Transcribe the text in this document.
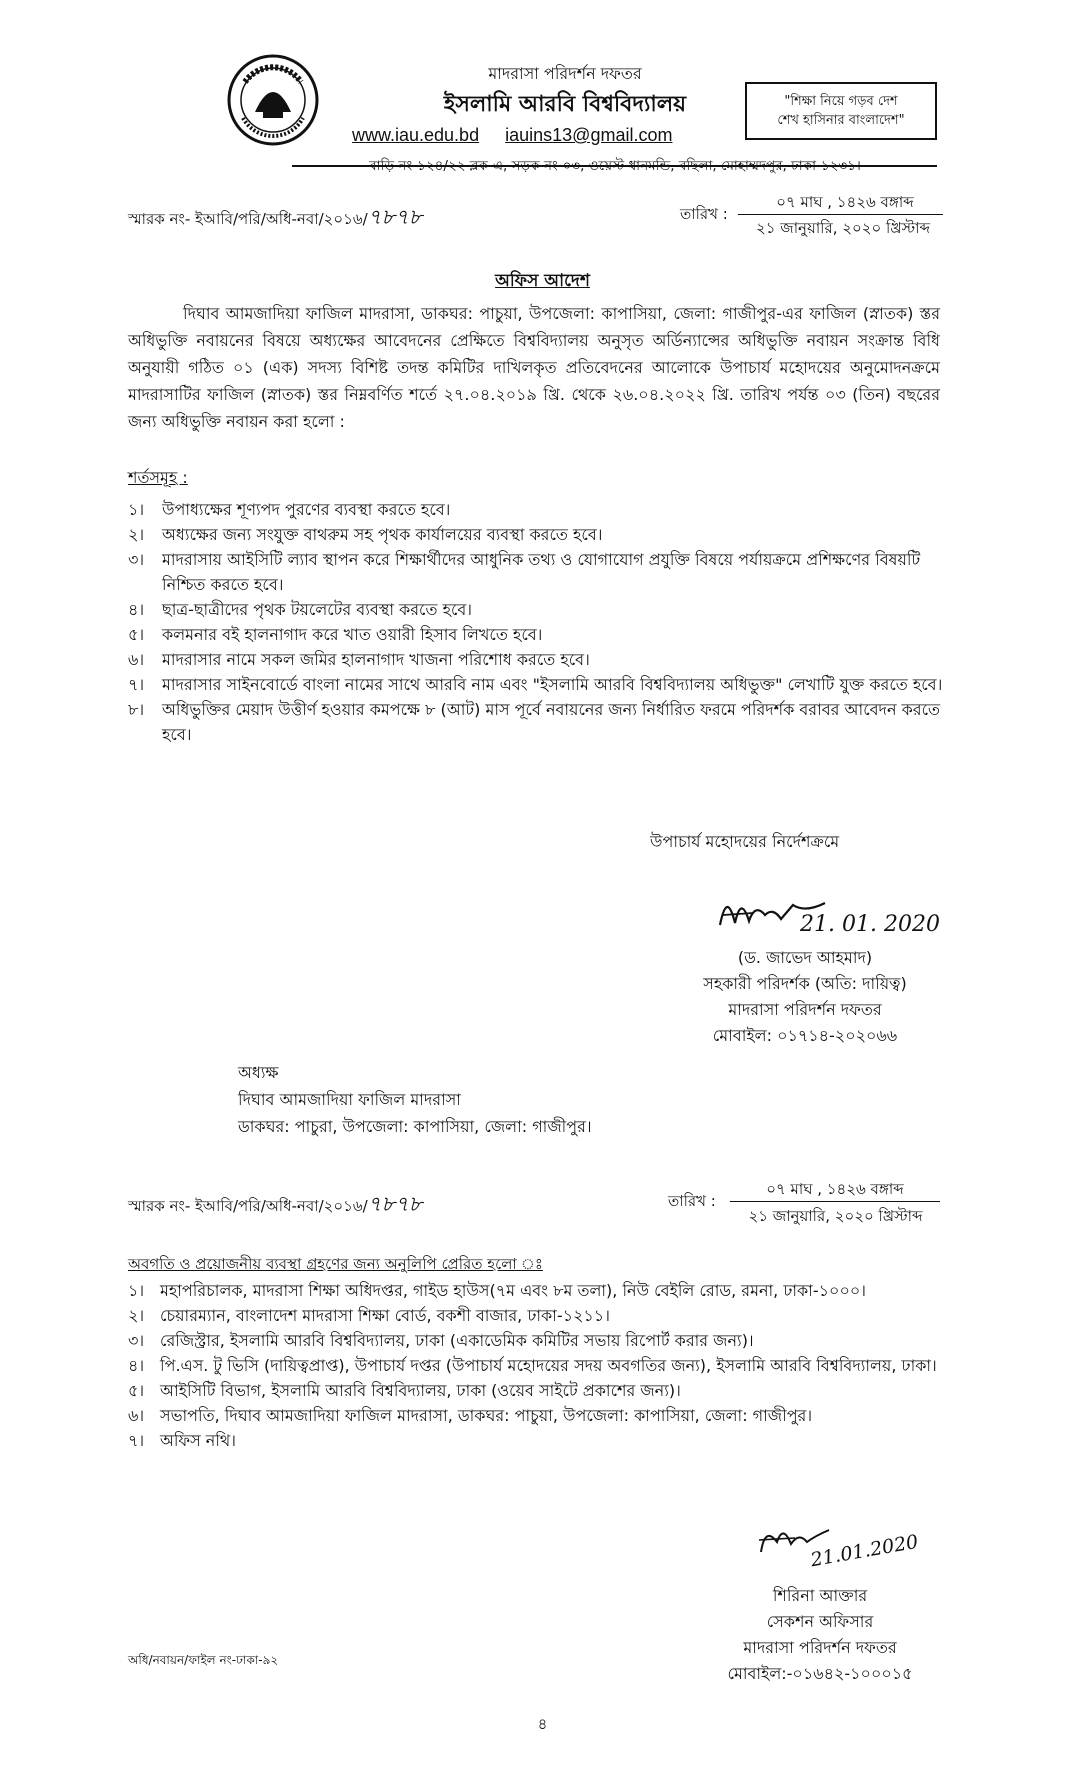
মাদরাসা পরিদর্শন দফতর
ইসলামি আরবি বিশ্ববিদ্যালয়
www.iau.edu.bd iauins13@gmail.com
বাড়ি নং-১২৪/২২ ব্লক-এ, সড়ক নং-০৩, ওয়েস্ট ধানমন্ডি, বছিলা, মোহাম্মদপুর, ঢাকা-১২৩১।
"শিক্ষা নিয়ে গড়ব দেশ
শেখ হাসিনার বাংলাদেশ"
স্মারক নং- ইআবি/পরি/অধি-নবা/২০১৬/৭৮৭৮	তারিখ :
০৭ মাঘ , ১৪২৬ বঙ্গাব্দ
২১ জানুয়ারি, ২০২০ খ্রিস্টাব্দ
অফিস আদেশ
দিঘাব আমজাদিয়া ফাজিল মাদরাসা, ডাকঘর: পাচুয়া, উপজেলা: কাপাসিয়া, জেলা: গাজীপুর-এর ফাজিল (স্নাতক) স্তর অধিভুক্তি নবায়নের বিষয়ে অধ্যক্ষের আবেদনের প্রেক্ষিতে বিশ্ববিদ্যালয় অনুসৃত অর্ডিন্যান্সের অধিভুক্তি নবায়ন সংক্রান্ত বিধি অনুযায়ী গঠিত ০১ (এক) সদস্য বিশিষ্ট তদন্ত কমিটির দাখিলকৃত প্রতিবেদনের আলোকে উপাচার্য মহোদয়ের অনুমোদনক্রমে মাদরাসাটির ফাজিল (স্নাতক) স্তর নিম্নবর্ণিত শর্তে ২৭.০৪.২০১৯ খ্রি. থেকে ২৬.০৪.২০২২ খ্রি. তারিখ পর্যন্ত ০৩ (তিন) বছরের জন্য অধিভুক্তি নবায়ন করা হলো :
শর্তসমূহ :
১।	উপাধ্যক্ষের শূণ্যপদ পুরণের ব্যবস্থা করতে হবে।
২।	অধ্যক্ষের জন্য সংযুক্ত বাথরুম সহ পৃথক কার্যালয়ের ব্যবস্থা করতে হবে।
৩।	মাদরাসায় আইসিটি ল্যাব স্থাপন করে শিক্ষার্থীদের আধুনিক তথ্য ও যোগাযোগ প্রযুক্তি বিষয়ে পর্যায়ক্রমে প্রশিক্ষণের বিষয়টি নিশ্চিত করতে হবে।
৪।	ছাত্র-ছাত্রীদের পৃথক টয়লেটের ব্যবস্থা করতে হবে।
৫।	কলমনার বই হালনাগাদ করে খাত ওয়ারী হিসাব লিখতে হবে।
৬।	মাদরাসার নামে সকল জমির হালনাগাদ খাজনা পরিশোধ করতে হবে।
৭।	মাদরাসার সাইনবোর্ডে বাংলা নামের সাথে আরবি নাম এবং "ইসলামি আরবি বিশ্ববিদ্যালয় অধিভুক্ত" লেখাটি যুক্ত করতে হবে।
৮।	অধিভুক্তির মেয়াদ উত্তীর্ণ হওয়ার কমপক্ষে ৮ (আট) মাস পূর্বে নবায়নের জন্য নির্ধারিত ফরমে পরিদর্শক বরাবর আবেদন করতে হবে।
উপাচার্য মহোদয়ের নির্দেশক্রমে
21. 01. 2020
(ড. জাভেদ আহমাদ)
সহকারী পরিদর্শক (অতি: দায়িত্ব)
মাদরাসা পরিদর্শন দফতর
মোবাইল: ০১৭১৪-২০২০৬৬
অধ্যক্ষ
দিঘাব আমজাদিয়া ফাজিল মাদরাসা
ডাকঘর: পাচুরা, উপজেলা: কাপাসিয়া, জেলা: গাজীপুর।
স্মারক নং- ইআবি/পরি/অধি-নবা/২০১৬/৭৮৭৮	তারিখ :
০৭ মাঘ , ১৪২৬ বঙ্গাব্দ
২১ জানুয়ারি, ২০২০ খ্রিস্টাব্দ
অবগতি ও প্রয়োজনীয় ব্যবস্থা গ্রহণের জন্য অনুলিপি প্রেরিত হলো ঃ
১। মহাপরিচালক, মাদরাসা শিক্ষা অধিদপ্তর, গাইড হাউস(৭ম এবং ৮ম তলা), নিউ বেইলি রোড, রমনা, ঢাকা-১০০০।
২। চেয়ারম্যান, বাংলাদেশ মাদরাসা শিক্ষা বোর্ড, বকশী বাজার, ঢাকা-১২১১।
৩। রেজিস্ট্রার, ইসলামি আরবি বিশ্ববিদ্যালয়, ঢাকা (একাডেমিক কমিটির সভায় রিপোর্ট করার জন্য)।
৪। পি.এস. টু ভিসি (দায়িত্বপ্রাপ্ত), উপাচার্য দপ্তর (উপাচার্য মহোদয়ের সদয় অবগতির জন্য), ইসলামি আরবি বিশ্ববিদ্যালয়, ঢাকা।
৫। আইসিটি বিভাগ, ইসলামি আরবি বিশ্ববিদ্যালয়, ঢাকা (ওয়েব সাইটে প্রকাশের জন্য)।
৬। সভাপতি, দিঘাব আমজাদিয়া ফাজিল মাদরাসা, ডাকঘর: পাচুয়া, উপজেলা: কাপাসিয়া, জেলা: গাজীপুর।
৭। অফিস নথি।
21.01.2020
শিরিনা আক্তার
সেকশন অফিসার
মাদরাসা পরিদর্শন দফতর
মোবাইল:-০১৬৪২-১০০০১৫
অধি/নবায়ন/ফাইল নং-ঢাকা-৯২
৪
